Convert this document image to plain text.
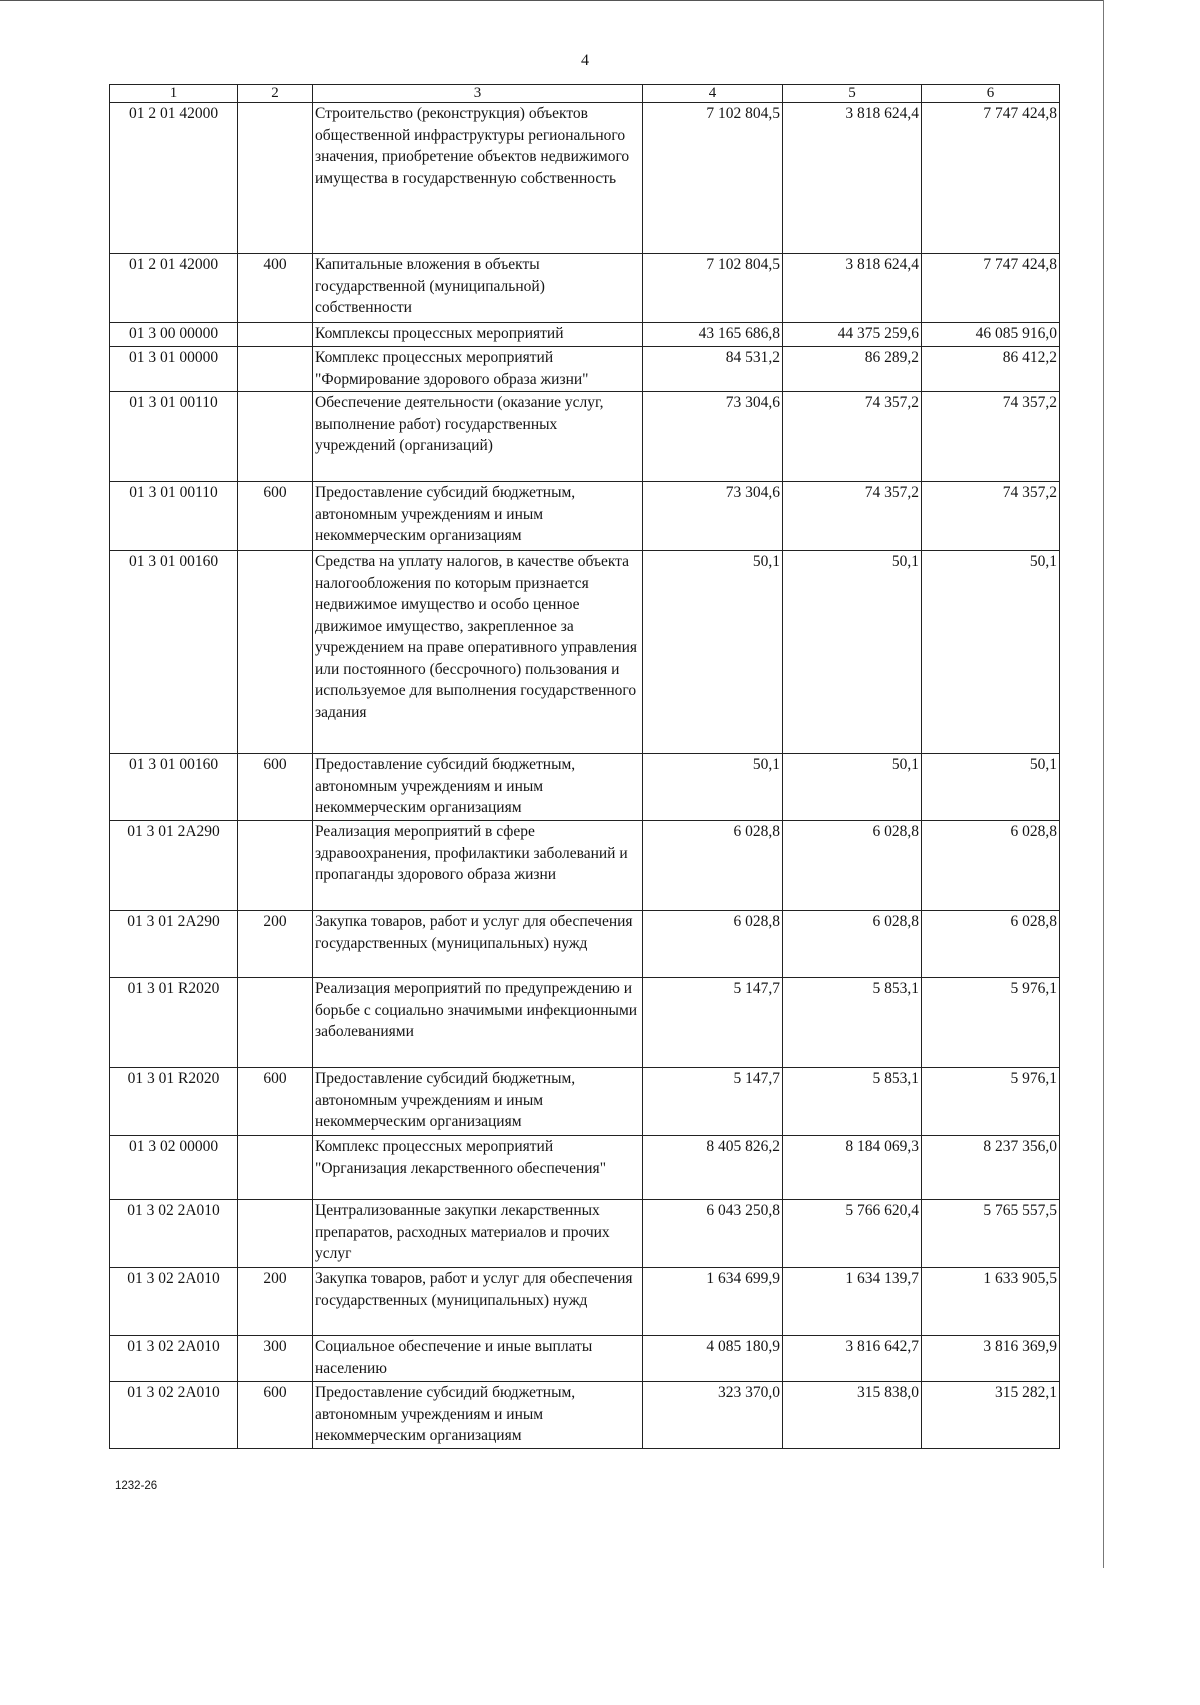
4
1	2	3	4	5	6
01 2 01 42000		Строительство (реконструкция) объектов общественной инфраструктуры регионального значения, приобретение объектов недвижимого имущества в государственную собственность	7 102 804,5	3 818 624,4	7 747 424,8
01 2 01 42000	400	Капитальные вложения в объекты государственной (муниципальной) собственности	7 102 804,5	3 818 624,4	7 747 424,8
01 3 00 00000		Комплексы процессных мероприятий	43 165 686,8	44 375 259,6	46 085 916,0
01 3 01 00000		Комплекс процессных мероприятий "Формирование здорового образа жизни"	84 531,2	86 289,2	86 412,2
01 3 01 00110		Обеспечение деятельности (оказание услуг, выполнение работ) государственных учреждений (организаций)	73 304,6	74 357,2	74 357,2
01 3 01 00110	600	Предоставление субсидий бюджетным, автономным учреждениям и иным некоммерческим организациям	73 304,6	74 357,2	74 357,2
01 3 01 00160		Средства на уплату налогов, в качестве объекта налогообложения по которым признается недвижимое имущество и особо ценное движимое имущество, закрепленное за учреждением на праве оперативного управления или постоянного (бессрочного) пользования и используемое для выполнения государственного задания	50,1	50,1	50,1
01 3 01 00160	600	Предоставление субсидий бюджетным, автономным учреждениям и иным некоммерческим организациям	50,1	50,1	50,1
01 3 01 2A290		Реализация мероприятий в сфере здравоохранения, профилактики заболеваний и пропаганды здорового образа жизни	6 028,8	6 028,8	6 028,8
01 3 01 2A290	200	Закупка товаров, работ и услуг для обеспечения государственных (муниципальных) нужд	6 028,8	6 028,8	6 028,8
01 3 01 R2020		Реализация мероприятий по предупреждению и борьбе с социально значимыми инфекционными заболеваниями	5 147,7	5 853,1	5 976,1
01 3 01 R2020	600	Предоставление субсидий бюджетным, автономным учреждениям и иным некоммерческим организациям	5 147,7	5 853,1	5 976,1
01 3 02 00000		Комплекс процессных мероприятий "Организация лекарственного обеспечения"	8 405 826,2	8 184 069,3	8 237 356,0
01 3 02 2A010		Централизованные закупки лекарственных препаратов, расходных материалов и прочих услуг	6 043 250,8	5 766 620,4	5 765 557,5
01 3 02 2A010	200	Закупка товаров, работ и услуг для обеспечения государственных (муниципальных) нужд	1 634 699,9	1 634 139,7	1 633 905,5
01 3 02 2A010	300	Социальное обеспечение и иные выплаты населению	4 085 180,9	3 816 642,7	3 816 369,9
01 3 02 2A010	600	Предоставление субсидий бюджетным, автономным учреждениям и иным некоммерческим организациям	323 370,0	315 838,0	315 282,1
1232-26
